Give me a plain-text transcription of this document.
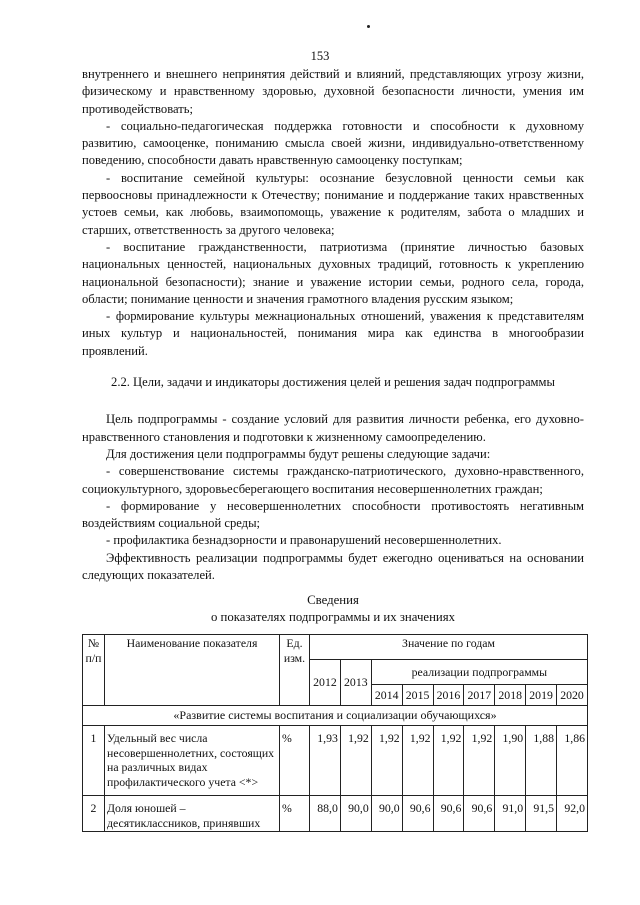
153

внутреннего и внешнего непринятия действий и влияний, представляющих угрозу жизни, физическому и нравственному здоровью, духовной безопасности личности, умения им противодействовать;

- социально-педагогическая поддержка готовности и способности к духовному развитию, самооценке, пониманию смысла своей жизни, индивидуально-ответственному поведению, способности давать нравственную самооценку поступкам;

- воспитание семейной культуры: осознание безусловной ценности семьи как первоосновы принадлежности к Отечеству; понимание и поддержание таких нравственных устоев семьи, как любовь, взаимопомощь, уважение к родителям, забота о младших и старших, ответственность за другого человека;

- воспитание гражданственности, патриотизма (принятие личностью базовых национальных ценностей, национальных духовных традиций, готовность к укреплению национальной безопасности); знание и уважение истории семьи, родного села, города, области; понимание ценности и значения грамотного владения русским языком;

- формирование культуры межнациональных отношений, уважения к представителям иных культур и национальностей, понимания мира как единства в многообразии проявлений.

2.2. Цели, задачи и индикаторы достижения целей и решения задач подпрограммы

Цель подпрограммы - создание условий для развития личности ребенка, его духовно-нравственного становления и подготовки к жизненному самоопределению.

Для достижения цели подпрограммы будут решены следующие задачи:

- совершенствование системы гражданско-патриотического, духовно-нравственного, социокультурного, здоровьесберегающего воспитания несовершеннолетних граждан;

- формирование у несовершеннолетних способности противостоять негативным воздействиям социальной среды;

- профилактика безнадзорности и правонарушений несовершеннолетних.

Эффективность реализации подпрограммы будет ежегодно оцениваться на основании следующих показателей.

Сведения
о показателях подпрограммы и их значениях
№ п/п	Наименование показателя	Ед. изм.	Значение по годам								
			2012	2013	реализации подпрограммы						
					2014	2015	2016	2017	2018	2019	2020
«Развитие системы воспитания и социализации обучающихся»											
1	Удельный вес числа несовершеннолетних, состоящих на различных видах профилактического учета <*>	%	1,93	1,92	1,92	1,92	1,92	1,92	1,90	1,88	1,86
2	Доля юношей – десятиклассников, принявших	%	88,0	90,0	90,0	90,6	90,6	90,6	91,0	91,5	92,0
